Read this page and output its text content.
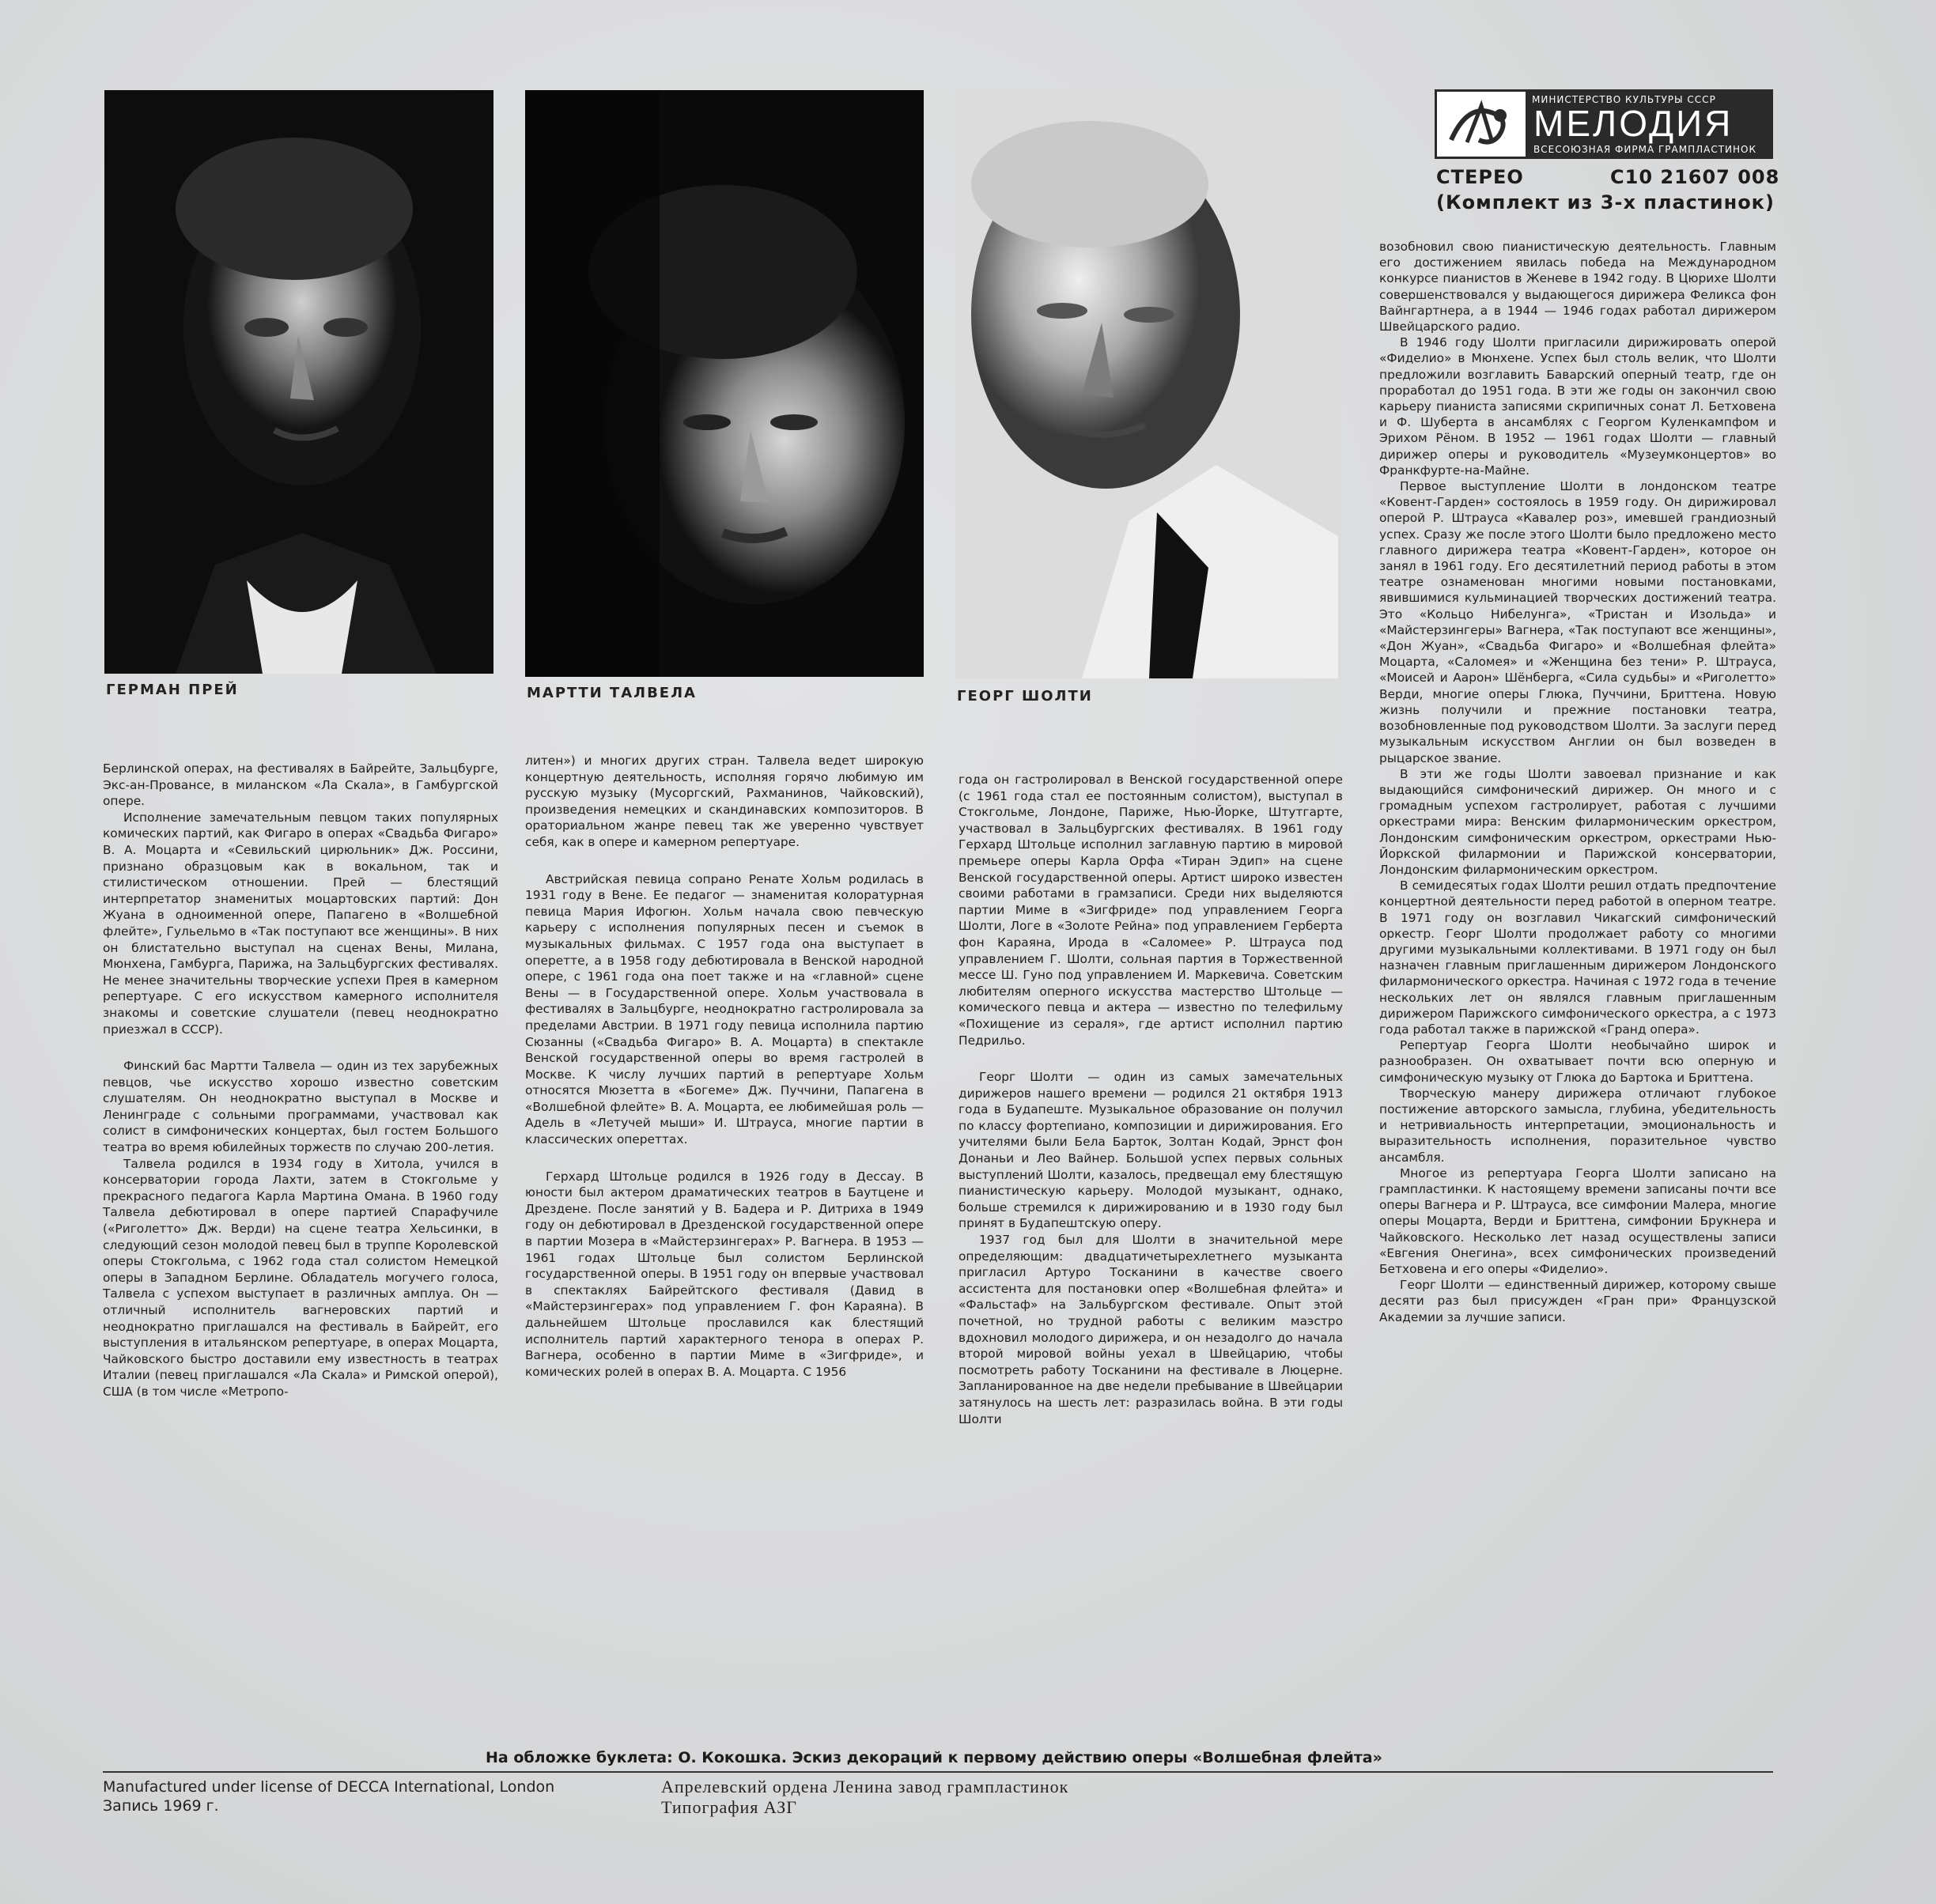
ГЕРМАН ПРЕЙ	МАРТТИ ТАЛВЕЛА	ГЕОРГ ШОЛТИ
МИНИСТЕРСТВО КУЛЬТУРЫ СССР
МЕЛОДИЯ
ВСЕСОЮЗНАЯ ФИРМА ГРАМПЛАСТИНОК
СТЕРЕО	С10 21607 008
(Комплект из 3-х пластинок)

Берлинской операх, на фестивалях в Байрейте, Зальцбурге, Экс-ан-Провансе, в миланском «Ла Скала», в Гамбургской опере.

Исполнение замечательным певцом таких популярных комических партий, как Фигаро в операх «Свадьба Фигаро» В. А. Моцарта и «Севильский цирюльник» Дж. Россини, признано образцовым как в вокальном, так и стилистическом отношении. Прей — блестящий интерпретатор знаменитых моцартовских партий: Дон Жуана в одноименной опере, Папагено в «Волшебной флейте», Гульельмо в «Так поступают все женщины». В них он блистательно выступал на сценах Вены, Милана, Мюнхена, Гамбурга, Парижа, на Зальцбургских фестивалях. Не менее значительны творческие успехи Прея в камерном репертуаре. С его искусством камерного исполнителя знакомы и советские слушатели (певец неоднократно приезжал в СССР).

Финский бас Мартти Талвела — один из тех зарубежных певцов, чье искусство хорошо известно советским слушателям. Он неоднократно выступал в Москве и Ленинграде с сольными программами, участвовал как солист в симфонических концертах, был гостем Большого театра во время юбилейных торжеств по случаю 200-летия.

Талвела родился в 1934 году в Хитола, учился в консерватории города Лахти, затем в Стокгольме у прекрасного педагога Карла Мартина Омана. В 1960 году Талвела дебютировал в опере партией Спарафучиле («Риголетто» Дж. Верди) на сцене театра Хельсинки, в следующий сезон молодой певец был в труппе Королевской оперы Стокгольма, с 1962 года стал солистом Немецкой оперы в Западном Берлине. Обладатель могучего голоса, Талвела с успехом выступает в различных амплуа. Он — отличный исполнитель вагнеровских партий и неоднократно приглашался на фестиваль в Байрейт, его выступления в итальянском репертуаре, в операх Моцарта, Чайковского быстро доставили ему известность в театрах Италии (певец приглашался «Ла Скала» и Римской оперой), США (в том числе «Метропо-

литен») и многих других стран. Талвела ведет широкую концертную деятельность, исполняя горячо любимую им русскую музыку (Мусоргский, Рахманинов, Чайковский), произведения немецких и скандинавских композиторов. В ораториальном жанре певец так же уверенно чувствует себя, как в опере и камерном репертуаре.

Австрийская певица сопрано Ренате Хольм родилась в 1931 году в Вене. Ее педагог — знаменитая колоратурная певица Мария Ифогюн. Хольм начала свою певческую карьеру с исполнения популярных песен и съемок в музыкальных фильмах. С 1957 года она выступает в оперетте, а в 1958 году дебютировала в Венской народной опере, с 1961 года она поет также и на «главной» сцене Вены — в Государственной опере. Хольм участвовала в фестивалях в Зальцбурге, неоднократно гастролировала за пределами Австрии. В 1971 году певица исполнила партию Сюзанны («Свадьба Фигаро» В. А. Моцарта) в спектакле Венской государственной оперы во время гастролей в Москве. К числу лучших партий в репертуаре Хольм относятся Мюзетта в «Богеме» Дж. Пуччини, Папагена в «Волшебной флейте» В. А. Моцарта, ее любимейшая роль — Адель в «Летучей мыши» И. Штрауса, многие партии в классических опереттах.

Герхард Штольце родился в 1926 году в Дессау. В юности был актером драматических театров в Баутцене и Дрездене. После занятий у В. Бадера и Р. Дитриха в 1949 году он дебютировал в Дрезденской государственной опере в партии Мозера в «Майстерзингерах» Р. Вагнера. В 1953 — 1961 годах Штольце был солистом Берлинской государственной оперы. В 1951 году он впервые участвовал в спектаклях Байрейтского фестиваля (Давид в «Майстерзингерах» под управлением Г. фон Караяна). В дальнейшем Штольце прославился как блестящий исполнитель партий характерного тенора в операх Р. Вагнера, особенно в партии Миме в «Зигфриде», и комических ролей в операх В. А. Моцарта. С 1956

года он гастролировал в Венской государственной опере (с 1961 года стал ее постоянным солистом), выступал в Стокгольме, Лондоне, Париже, Нью-Йорке, Штутгарте, участвовал в Зальцбургских фестивалях. В 1961 году Герхард Штольце исполнил заглавную партию в мировой премьере оперы Карла Орфа «Тиран Эдип» на сцене Венской государственной оперы. Артист широко известен своими работами в грамзаписи. Среди них выделяются партии Миме в «Зигфриде» под управлением Георга Шолти, Логе в «Золоте Рейна» под управлением Герберта фон Караяна, Ирода в «Саломее» Р. Штрауса под управлением Г. Шолти, сольная партия в Торжественной мессе Ш. Гуно под управлением И. Маркевича. Советским любителям оперного искусства мастерство Штольце — комического певца и актера — известно по телефильму «Похищение из сераля», где артист исполнил партию Педрильо.

Георг Шолти — один из самых замечательных дирижеров нашего времени — родился 21 октября 1913 года в Будапеште. Музыкальное образование он получил по классу фортепиано, композиции и дирижирования. Его учителями были Бела Барток, Золтан Кодай, Эрнст фон Донаньи и Лео Вайнер. Большой успех первых сольных выступлений Шолти, казалось, предвещал ему блестящую пианистическую карьеру. Молодой музыкант, однако, больше стремился к дирижированию и в 1930 году был принят в Будапештскую оперу.

1937 год был для Шолти в значительной мере определяющим: двадцатичетырехлетнего музыканта пригласил Артуро Тосканини в качестве своего ассистента для постановки опер «Волшебная флейта» и «Фальстаф» на Зальбургском фестивале. Опыт этой почетной, но трудной работы с великим маэстро вдохновил молодого дирижера, и он незадолго до начала второй мировой войны уехал в Швейцарию, чтобы посмотреть работу Тосканини на фестивале в Люцерне. Запланированное на две недели пребывание в Швейцарии затянулось на шесть лет: разразилась война. В эти годы Шолти

возобновил свою пианистическую деятельность. Главным его достижением явилась победа на Международном конкурсе пианистов в Женеве в 1942 году. В Цюрихе Шолти совершенствовался у выдающегося дирижера Феликса фон Вайнгартнера, а в 1944 — 1946 годах работал дирижером Швейцарского радио.

В 1946 году Шолти пригласили дирижировать оперой «Фиделио» в Мюнхене. Успех был столь велик, что Шолти предложили возглавить Баварский оперный театр, где он проработал до 1951 года. В эти же годы он закончил свою карьеру пианиста записями скрипичных сонат Л. Бетховена и Ф. Шуберта в ансамблях с Георгом Куленкампфом и Эрихом Рёном. В 1952 — 1961 годах Шолти — главный дирижер оперы и руководитель «Музеумконцертов» во Франкфурте-на-Майне.

Первое выступление Шолти в лондонском театре «Ковент-Гарден» состоялось в 1959 году. Он дирижировал оперой Р. Штрауса «Кавалер роз», имевшей грандиозный успех. Сразу же после этого Шолти было предложено место главного дирижера театра «Ковент-Гарден», которое он занял в 1961 году. Его десятилетний период работы в этом театре ознаменован многими новыми постановками, явившимися кульминацией творческих достижений театра. Это «Кольцо Нибелунга», «Тристан и Изольда» и «Майстерзингеры» Вагнера, «Так поступают все женщины», «Дон Жуан», «Свадьба Фигаро» и «Волшебная флейта» Моцарта, «Саломея» и «Женщина без тени» Р. Штрауса, «Моисей и Аарон» Шёнберга, «Сила судьбы» и «Риголетто» Верди, многие оперы Глюка, Пуччини, Бриттена. Новую жизнь получили и прежние постановки театра, возобновленные под руководством Шолти. За заслуги перед музыкальным искусством Англии он был возведен в рыцарское звание.

В эти же годы Шолти завоевал признание и как выдающийся симфонический дирижер. Он много и с громадным успехом гастролирует, работая с лучшими оркестрами мира: Венским филармоническим оркестром, Лондонским симфоническим оркестром, оркестрами Нью-Йоркской филармонии и Парижской консерватории, Лондонским филармоническим оркестром.

В семидесятых годах Шолти решил отдать предпочтение концертной деятельности перед работой в оперном театре. В 1971 году он возглавил Чикагский симфонический оркестр. Георг Шолти продолжает работу со многими другими музыкальными коллективами. В 1971 году он был назначен главным приглашенным дирижером Лондонского филармонического оркестра. Начиная с 1972 года в течение нескольких лет он являлся главным приглашенным дирижером Парижского симфонического оркестра, а с 1973 года работал также в парижской «Гранд опера».

Репертуар Георга Шолти необычайно широк и разнообразен. Он охватывает почти всю оперную и симфоническую музыку от Глюка до Бартока и Бриттена.

Творческую манеру дирижера отличают глубокое постижение авторского замысла, глубина, убедительность и нетривиальность интерпретации, эмоциональность и выразительность исполнения, поразительное чувство ансамбля.

Многое из репертуара Георга Шолти записано на грампластинки. К настоящему времени записаны почти все оперы Вагнера и Р. Штрауса, все симфонии Малера, многие оперы Моцарта, Верди и Бриттена, симфонии Брукнера и Чайковского. Несколько лет назад осуществлены записи «Евгения Онегина», всех симфонических произведений Бетховена и его оперы «Фиделио».

Георг Шолти — единственный дирижер, которому свыше десяти раз был присужден «Гран при» Французской Академии за лучшие записи.

На обложке буклета: О. Кокошка. Эскиз декораций к первому действию оперы «Волшебная флейта»
Manufactured under license of DECCA International, London
Запись 1969 г.
Апрелевский ордена Ленина завод грампластинок
Типография АЗГ
